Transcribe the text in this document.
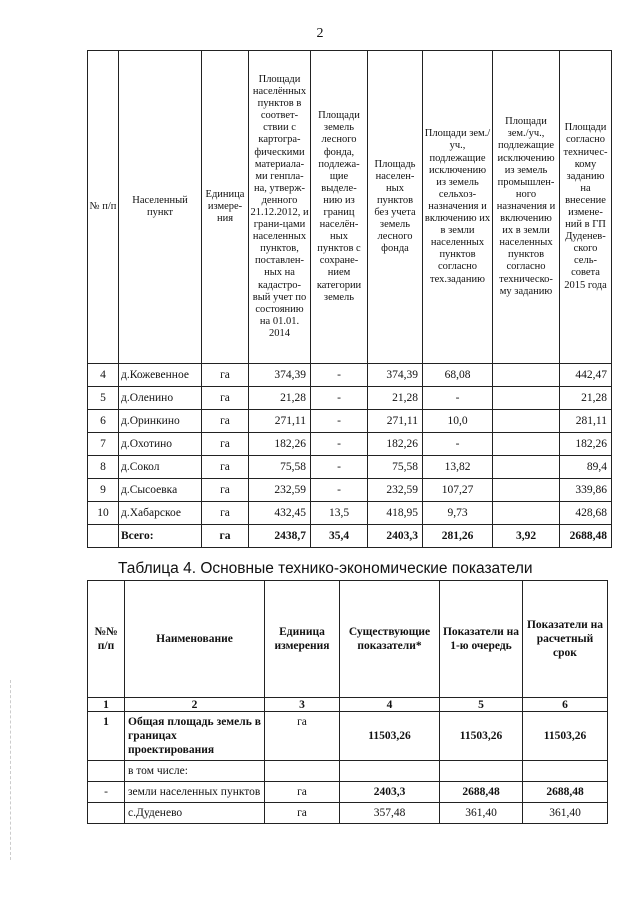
2
№ п/п	Населенный пункт	Единица измере-ния	Площади населённых пунктов в соответ-ствии с картогра-фическими материала-ми генпла-на, утверж-денного 21.12.2012, и грани-цами населенных пунктов, поставлен-ных на кадастро-вый учет по состоянию на 01.01. 2014	Площади земель лесного фонда, подлежа-щие выделе-нию из границ населён-ных пунктов с сохране-нием категории земель	Площадь населен-ных пунктов без учета земель лесного фонда	Площади зем./уч., подлежащие исключению из земель сельхоз-назначения и включению их в земли населенных пунктов согласно тех.заданию	Площади зем./уч., подлежащие исключению из земель промышлен-ного назначения и включению их в земли населенных пунктов согласно техническо-му заданию	Площади согласно техничес-кому заданию на внесение измене-ний в ГП Дуденев-ского сель-совета 2015 года
4	д.Кожевенное	га	374,39	-	374,39	68,08		442,47
5	д.Оленино	га	21,28	-	21,28	-		21,28
6	д.Оринкино	га	271,11	-	271,11	10,0		281,11
7	д.Охотино	га	182,26	-	182,26	-		182,26
8	д.Сокол	га	75,58	-	75,58	13,82		89,4
9	д.Сысоевка	га	232,59	-	232,59	107,27		339,86
10	д.Хабарское	га	432,45	13,5	418,95	9,73		428,68
	Всего:	га	2438,7	35,4	2403,3	281,26	3,92	2688,48
Таблица 4. Основные технико-экономические показатели
№№ п/п	Наименование	Единица измерения	Существующие показатели*	Показатели на 1-ю очередь	Показатели на расчетный срок
1	2	3	4	5	6
1	Общая площадь земель в границах проектирования	га	11503,26	11503,26	11503,26
	в том числе:				
-	земли населенных пунктов	га	2403,3	2688,48	2688,48
	с.Дуденево	га	357,48	361,40	361,40
